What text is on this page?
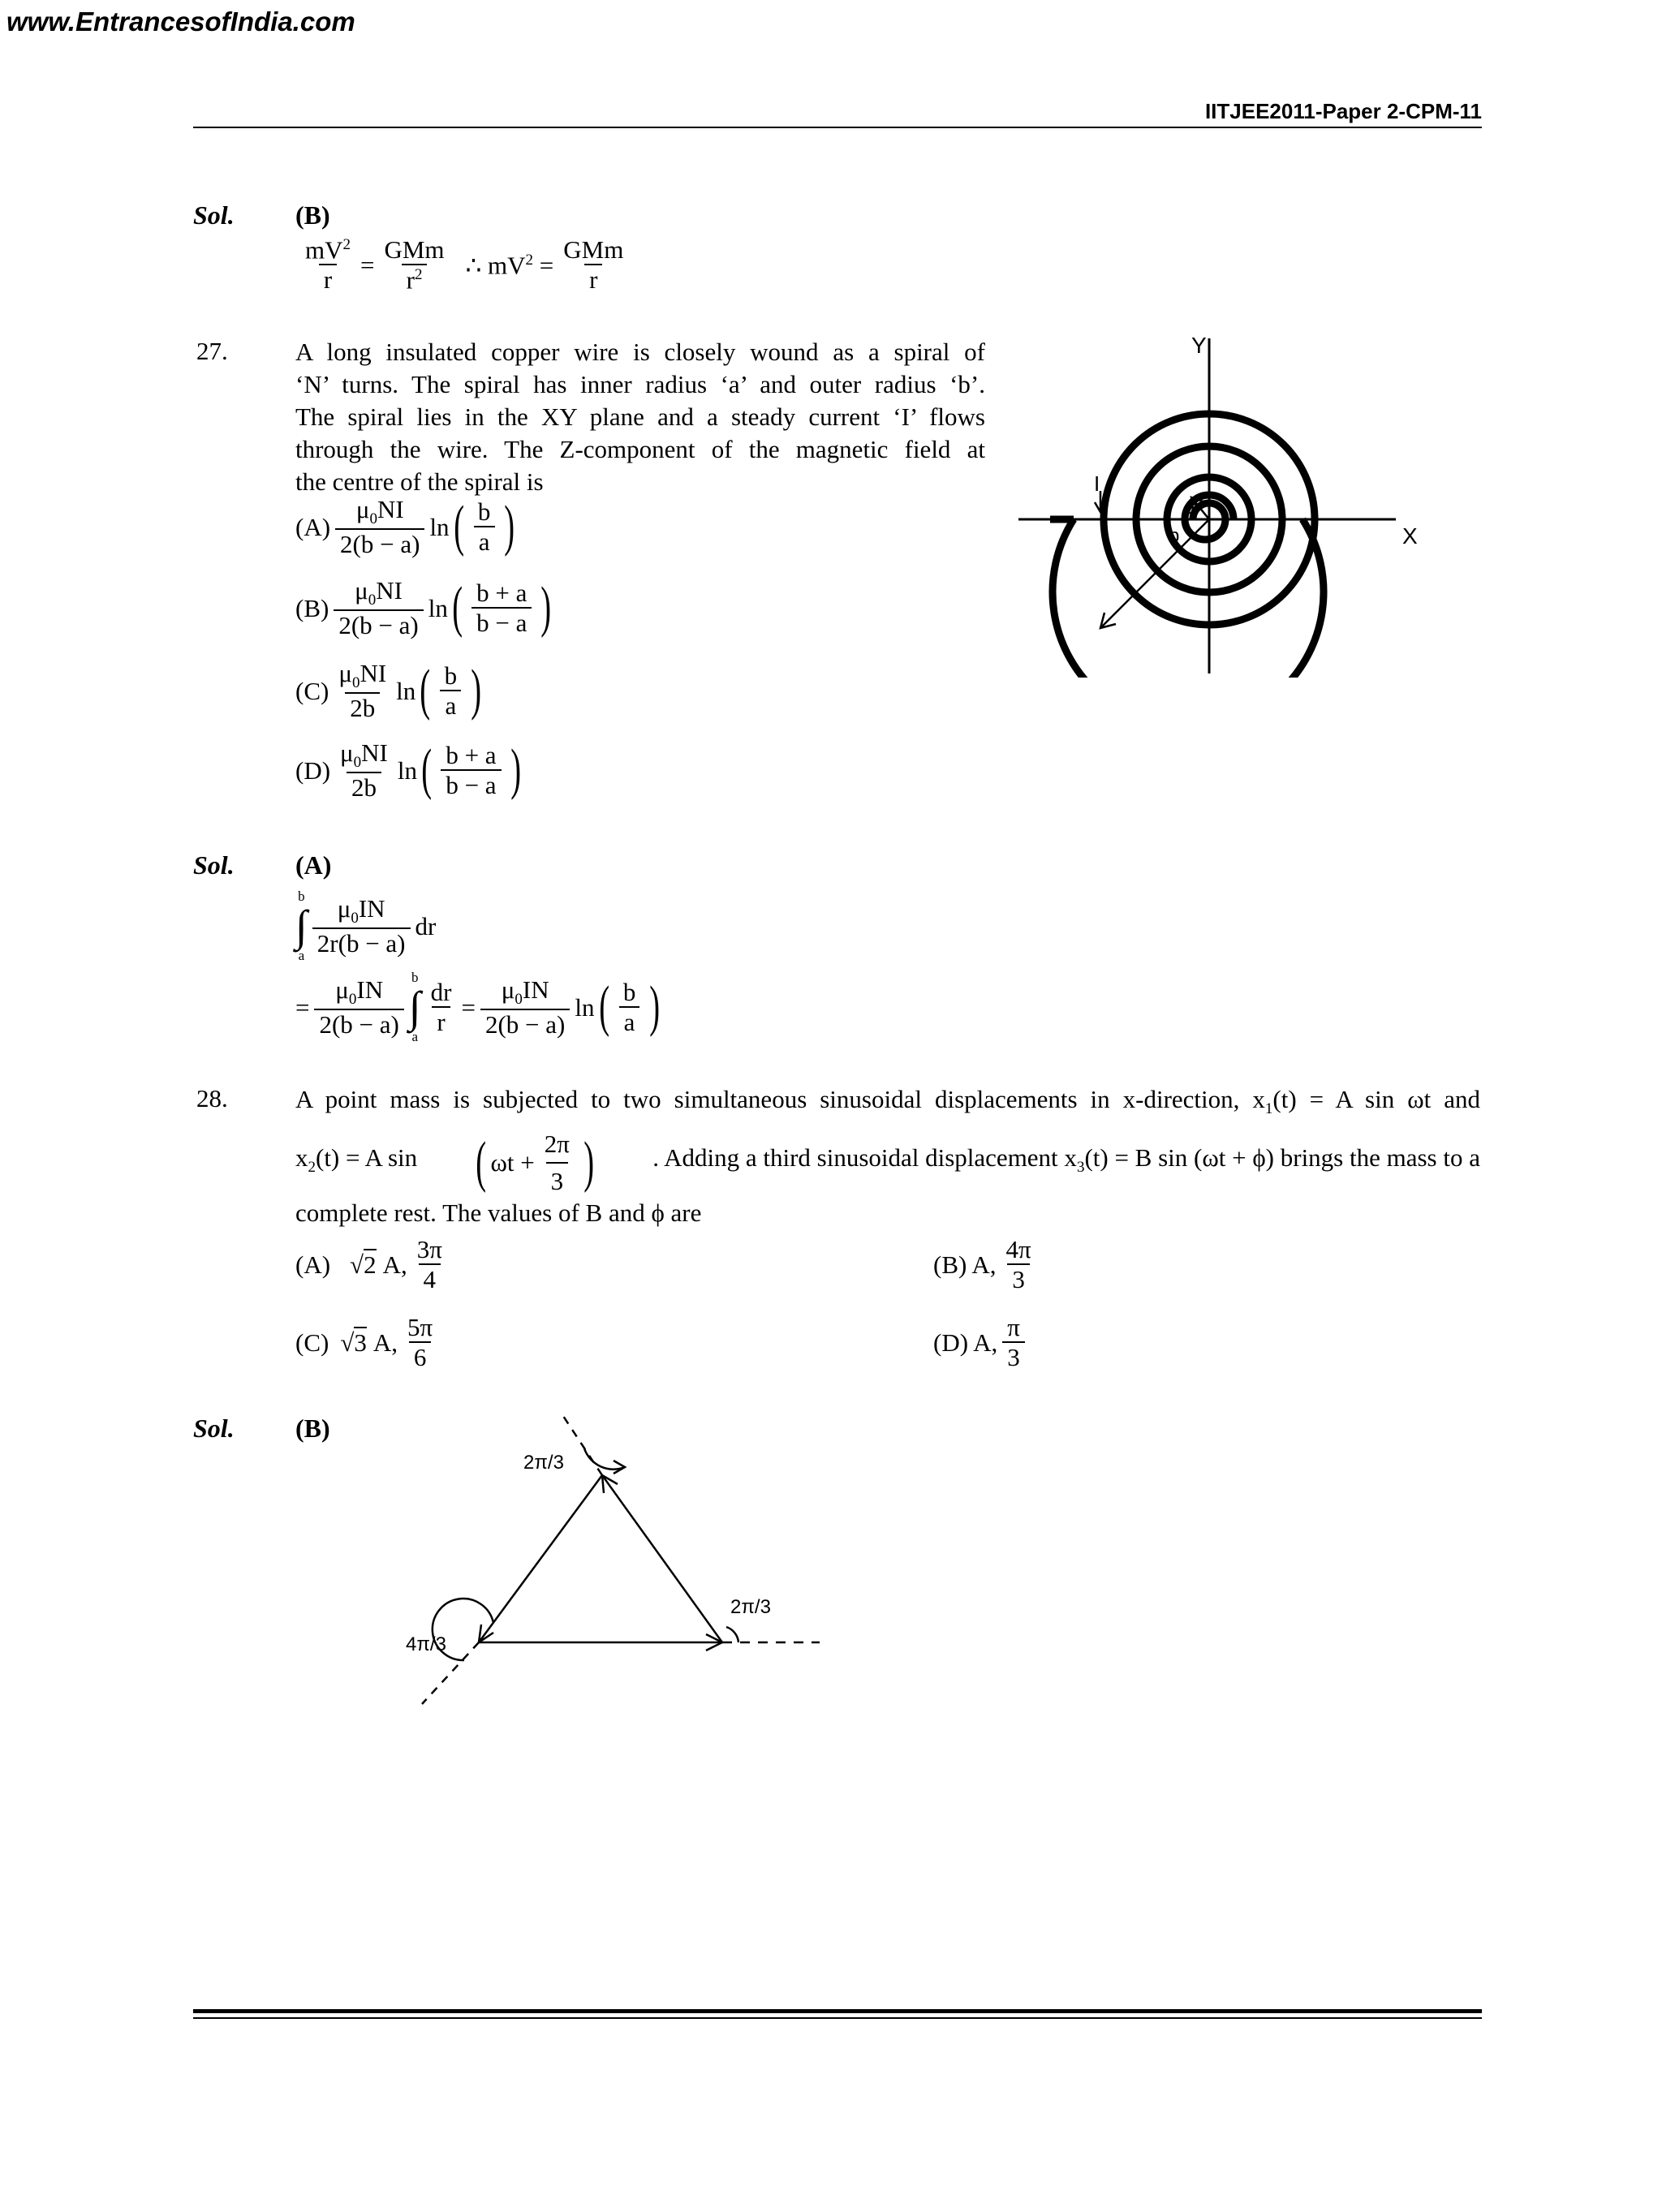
www.EntrancesofIndia.com
IITJEE2011-Paper 2-CPM-11
Sol. (B)
$\frac{mV^2}{r} = \frac{\text{GMm}}{r^2}$ ∴ $mV^2 = \frac{\text{GMm}}{r}$
27.	A long insulated copper wire is closely wound as a spiral of
‘N’ turns. The spiral has inner radius ‘a’ and outer radius ‘b’.
The spiral lies in the XY plane and a steady current ‘I’ flows
through the wire. The Z-component of the magnetic field at
the centre of the spiral is
$(A) \frac{\mu_0NI}{2(b - a)}$ ln ( $\frac{b}{a}$ )
$(B) \frac{\mu_0NI}{2(b - a)}$ ln ( $\frac{b + a}{b - a}$ )
$(C) \frac{\mu_0NI}{2b}$ ln ( $\frac{b}{a}$ )
$(D) \frac{\mu_0NI}{2b}$ ln ( $\frac{b + a}{b - a}$ )
Y
X
I
a
b
Sol. (A)
b
∫
a $\frac{\mu_0IN}{2r(b - a)}$ dr
= $\frac{\mu_0IN}{2(b - a)}$ b
∫
a
$\frac{dr}{r} = \frac{\mu_0IN}{2(b - a)}$ ln ( $\frac{b}{a}$ )
28.	A point mass is subjected to two simultaneous sinusoidal displacements in x-direction, $x_1(t) = A$ sin ωt and
$x_2(t) = A$ sin ( $\omega t + \frac{2\pi}{3}$ ) . Adding a third sinusoidal displacement $x_3(t) = B$ sin (ωt + ϕ) brings the mass to a
complete rest. The values of B and ϕ are
(A) √2 A, $\frac{3\pi}{4}$	(B) A, $\frac{4\pi}{3}$
(C) √3 A, $\frac{5\pi}{6}$	(D) A, $\frac{\pi}{3}$
Sol. (B)
2π/3
2π/3
4π/3
